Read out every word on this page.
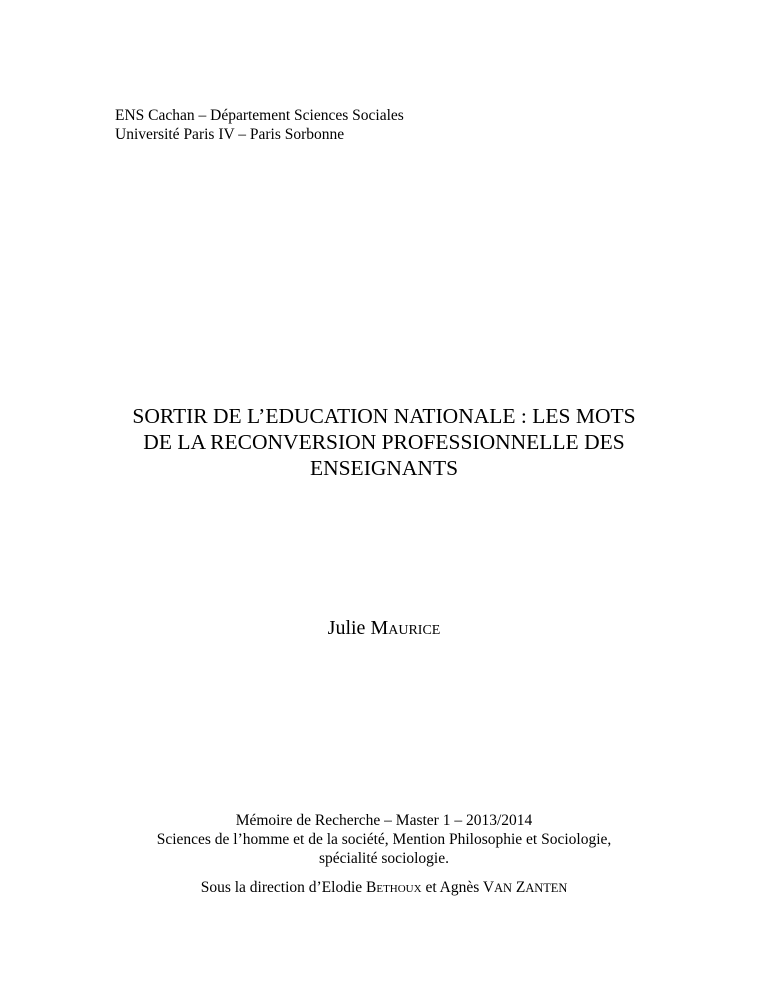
ENS Cachan – Département Sciences Sociales
Université Paris IV – Paris Sorbonne
SORTIR DE L’EDUCATION NATIONALE : LES MOTS
DE LA RECONVERSION PROFESSIONNELLE DES
ENSEIGNANTS
Julie Maurice
Mémoire de Recherche – Master 1 – 2013/2014
Sciences de l’homme et de la société, Mention Philosophie et Sociologie,
spécialité sociologie.
Sous la direction d’Elodie Bethoux et Agnès VAN ZANTEN
